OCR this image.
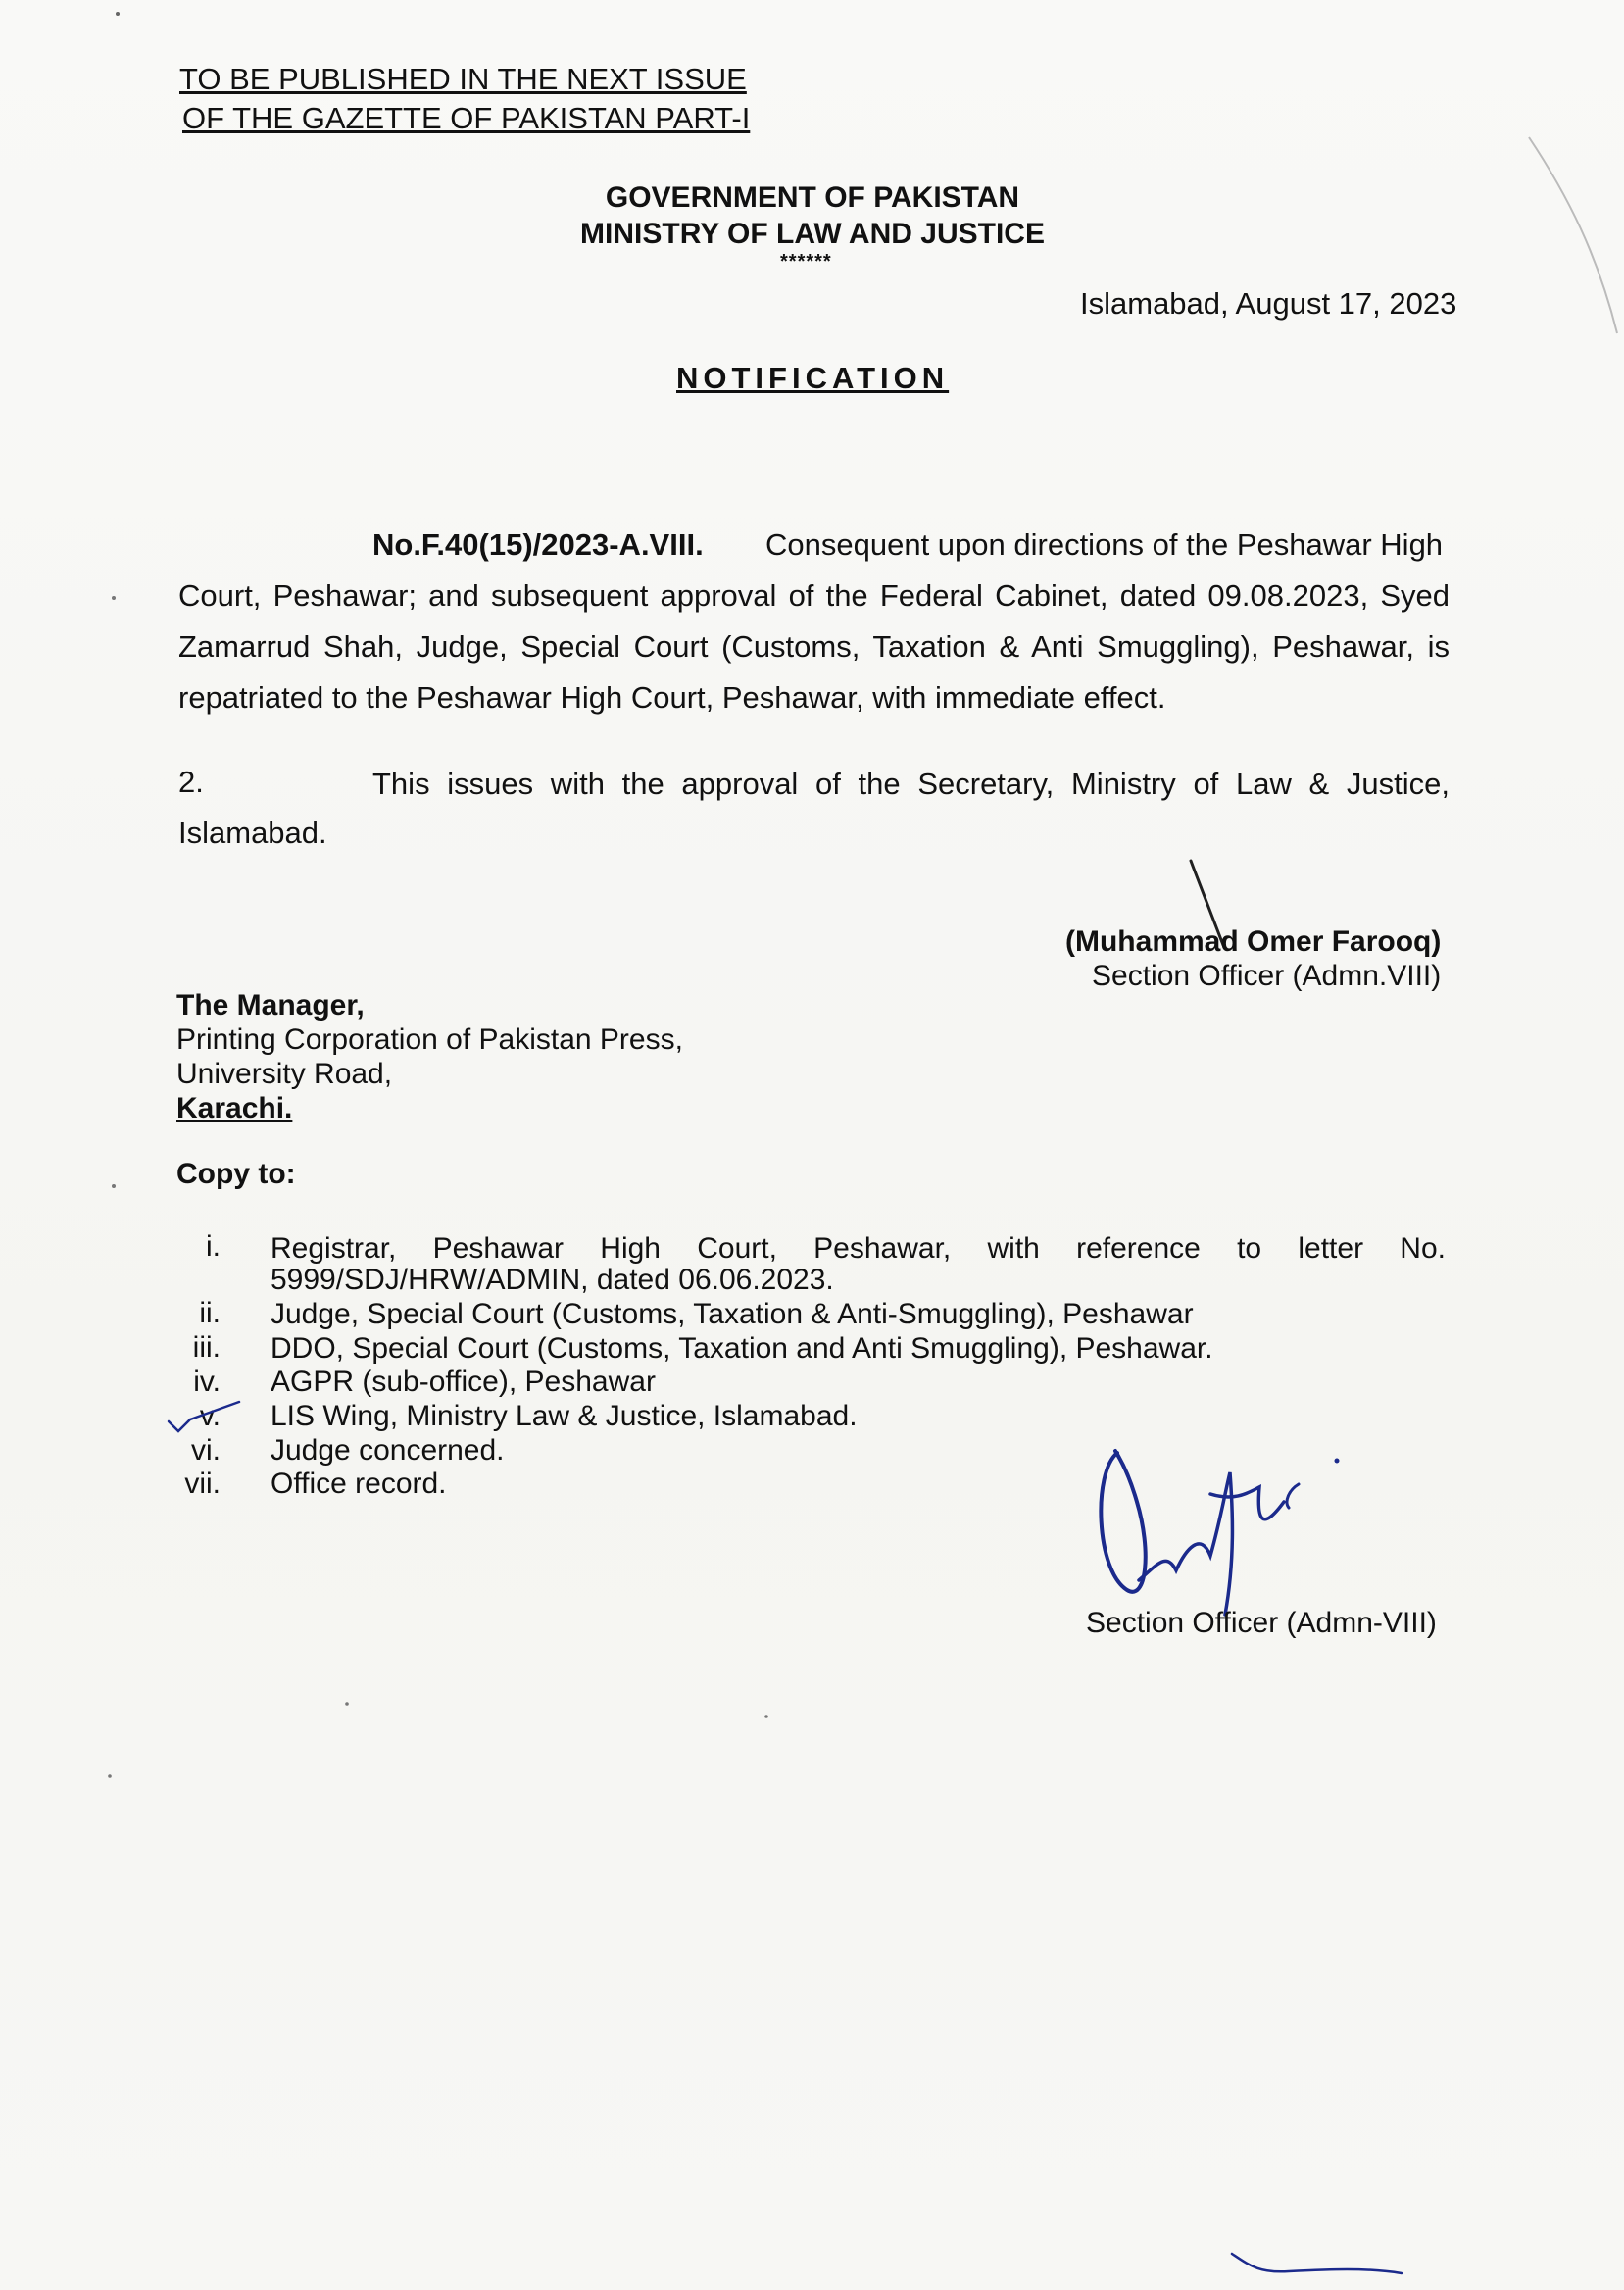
TO BE PUBLISHED IN THE NEXT ISSUE
OF THE GAZETTE OF PAKISTAN PART-I
GOVERNMENT OF PAKISTAN
MINISTRY OF LAW AND JUSTICE
******
Islamabad, August 17, 2023
NOTIFICATION
No.F.40(15)/2023-A.VIII. Consequent upon directions of the Peshawar High
Court, Peshawar; and subsequent approval of the Federal Cabinet, dated 09.08.2023, Syed
Zamarrud Shah, Judge, Special Court (Customs, Taxation & Anti Smuggling), Peshawar, is
repatriated to the Peshawar High Court, Peshawar, with immediate effect.
2.	This issues with the approval of the Secretary, Ministry of Law & Justice,
Islamabad.
(Muhammad Omer Farooq)
Section Officer (Admn.VIII)
The Manager,
Printing Corporation of Pakistan Press,
University Road,
Karachi.
Copy to:
i. Registrar, Peshawar High Court, Peshawar, with reference to letter No.
5999/SDJ/HRW/ADMIN, dated 06.06.2023.
ii. Judge, Special Court (Customs, Taxation & Anti-Smuggling), Peshawar
iii. DDO, Special Court (Customs, Taxation and Anti Smuggling), Peshawar.
iv. AGPR (sub-office), Peshawar
v. LIS Wing, Ministry Law & Justice, Islamabad.
vi. Judge concerned.
vii. Office record.
Section Officer (Admn-VIII)
